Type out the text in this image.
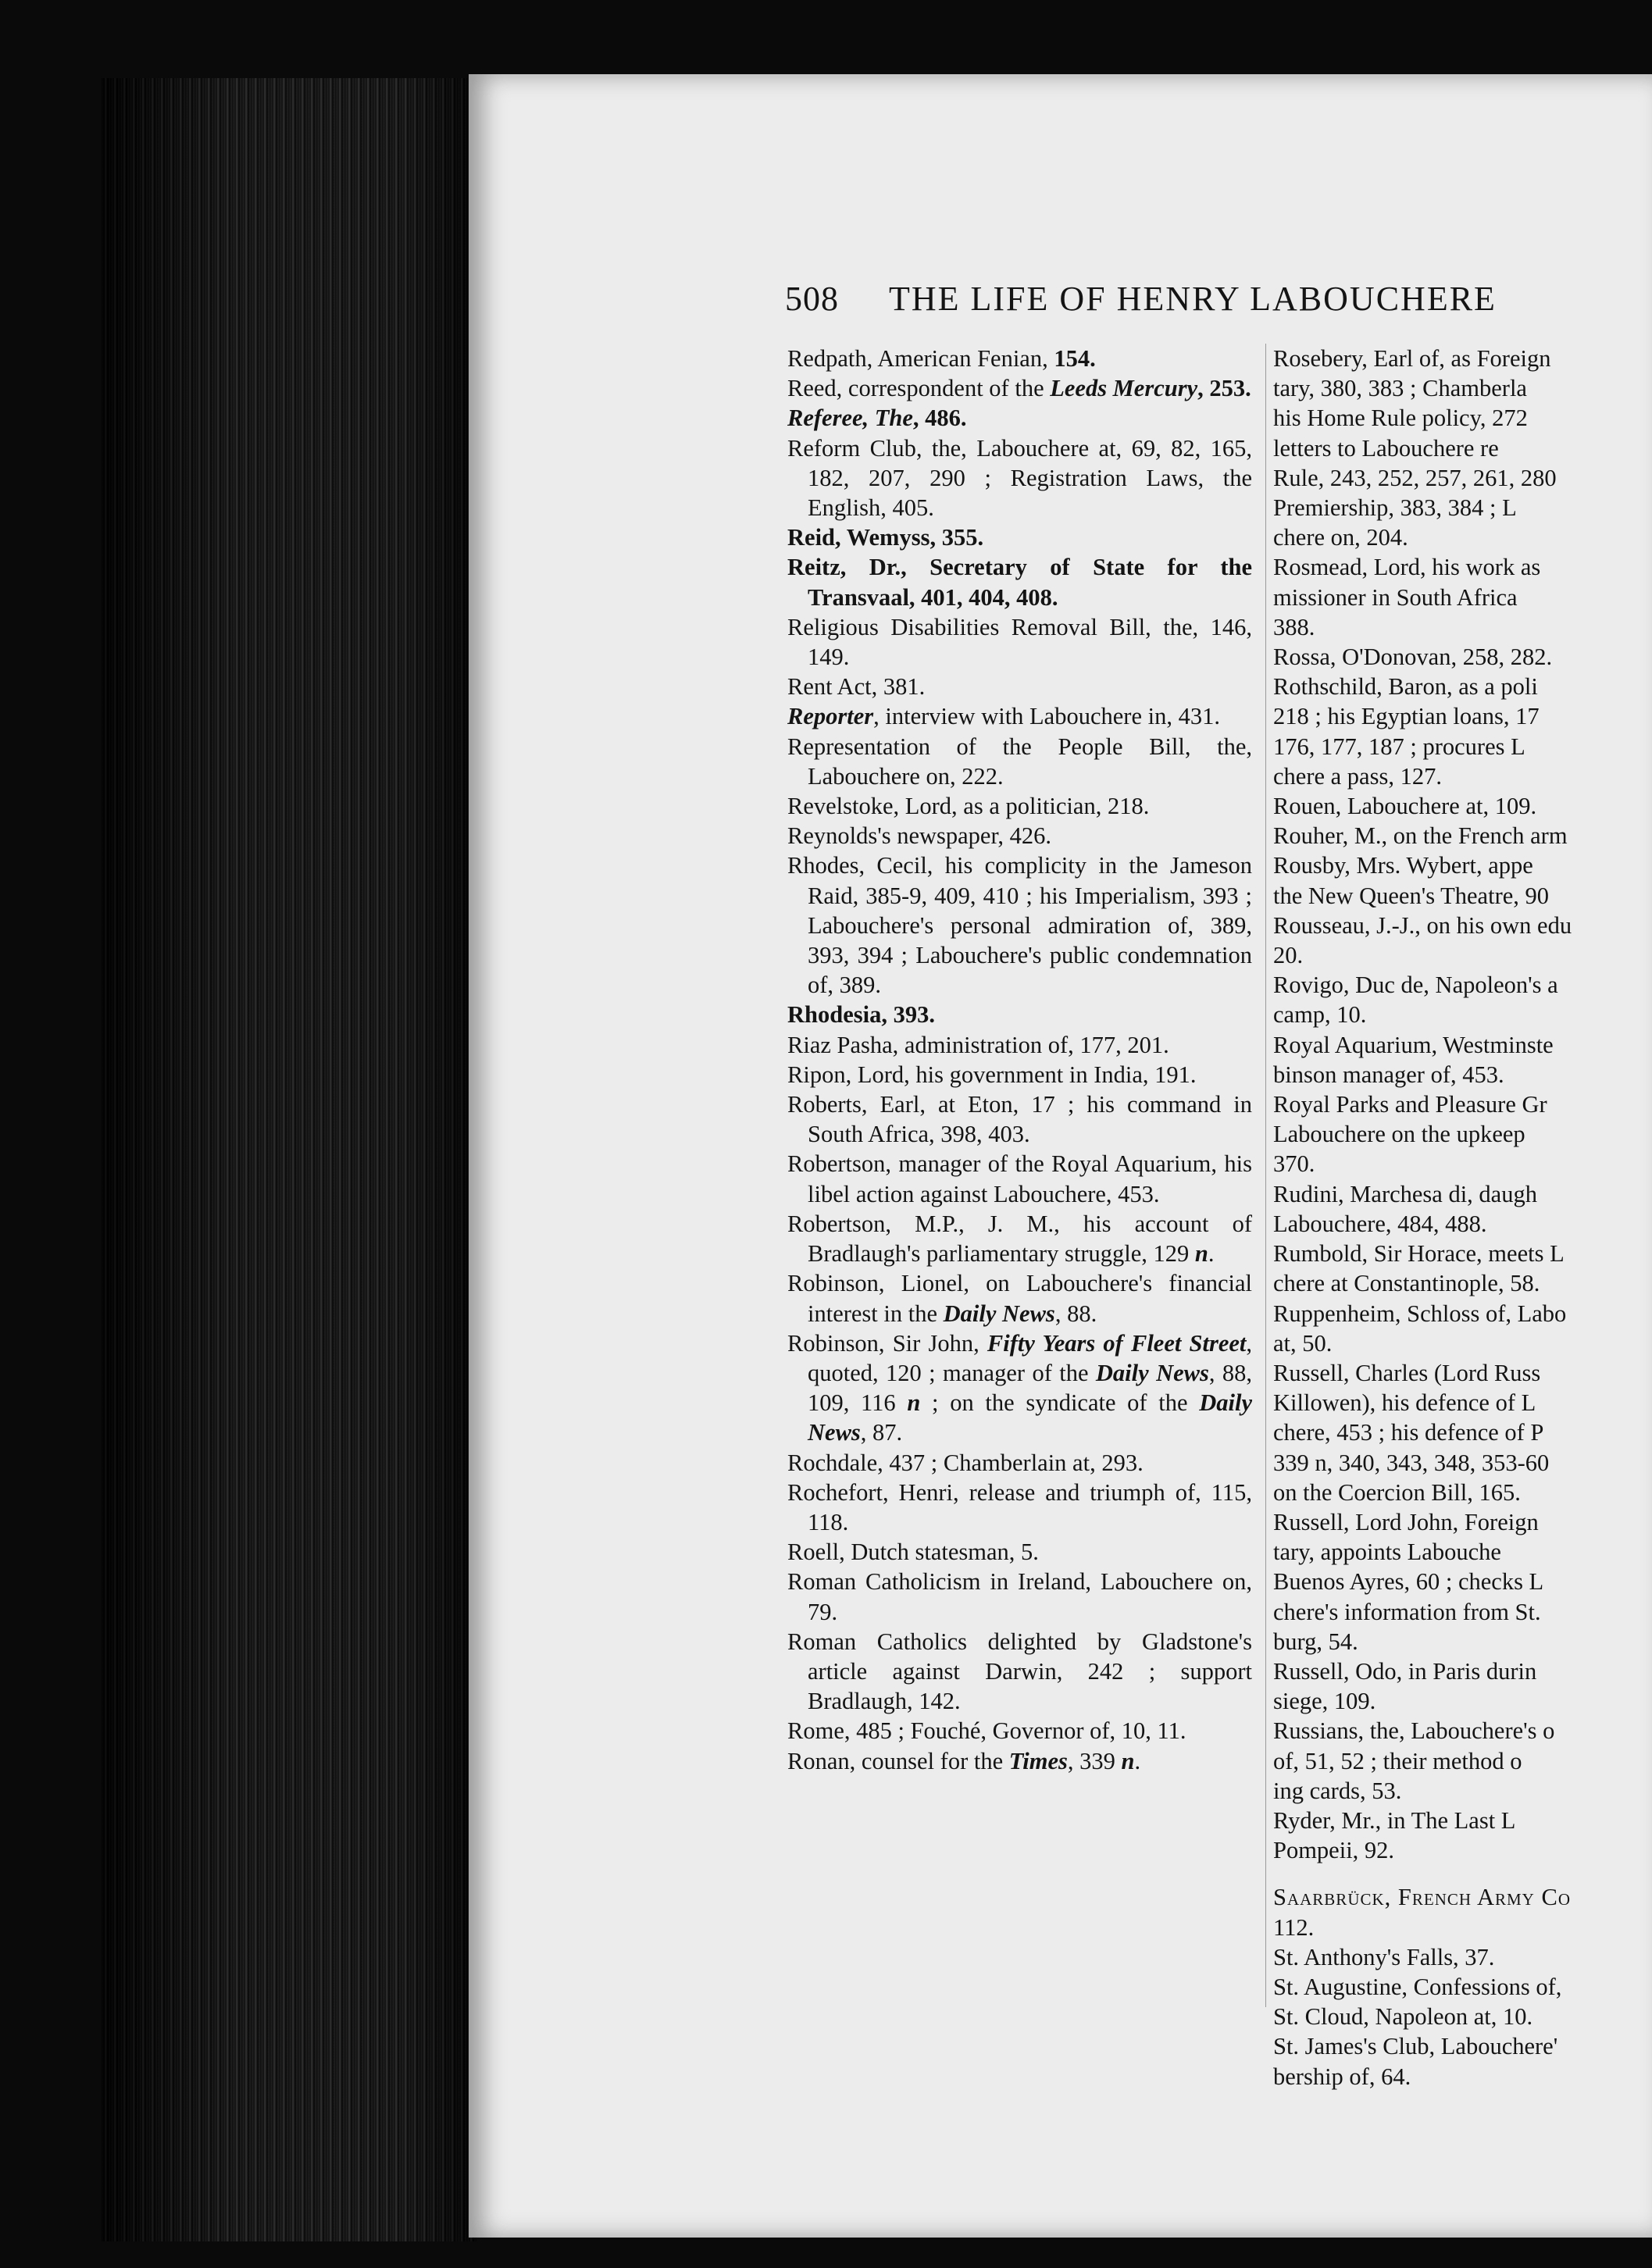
508 THE LIFE OF HENRY LABOUCHERE

Redpath, American Fenian, 154.

Reed, correspondent of the Leeds Mercury, 253.

Referee, The, 486.

Reform Club, the, Labouchere at, 69, 82, 165, 182, 207, 290 ; Registration Laws, the English, 405.

Reid, Wemyss, 355.

Reitz, Dr., Secretary of State for the Transvaal, 401, 404, 408.

Religious Disabilities Removal Bill, the, 146, 149.

Rent Act, 381.

Reporter, interview with Labouchere in, 431.

Representation of the People Bill, the, Labouchere on, 222.

Revelstoke, Lord, as a politician, 218.

Reynolds's newspaper, 426.

Rhodes, Cecil, his complicity in the Jameson Raid, 385-9, 409, 410 ; his Imperialism, 393 ; Labouchere's personal admiration of, 389, 393, 394 ; Labouchere's public condemnation of, 389.

Rhodesia, 393.

Riaz Pasha, administration of, 177, 201.

Ripon, Lord, his government in India, 191.

Roberts, Earl, at Eton, 17 ; his command in South Africa, 398, 403.

Robertson, manager of the Royal Aquarium, his libel action against Labouchere, 453.

Robertson, M.P., J. M., his account of Bradlaugh's parliamentary struggle, 129 n.

Robinson, Lionel, on Labouchere's financial interest in the Daily News, 88.

Robinson, Sir John, Fifty Years of Fleet Street, quoted, 120 ; manager of the Daily News, 88, 109, 116 n ; on the syndicate of the Daily News, 87.

Rochdale, 437 ; Chamberlain at, 293.

Rochefort, Henri, release and triumph of, 115, 118.

Roell, Dutch statesman, 5.

Roman Catholicism in Ireland, Labouchere on, 79.

Roman Catholics delighted by Gladstone's article against Darwin, 242 ; support Bradlaugh, 142.

Rome, 485 ; Fouché, Governor of, 10, 11.

Ronan, counsel for the Times, 339 n.

Rosebery, Earl of, as Foreign
tary, 380, 383 ; Chamberla
his Home Rule policy, 272
letters to Labouchere re
Rule, 243, 252, 257, 261, 280
Premiership, 383, 384 ; L
chere on, 204.
Rosmead, Lord, his work as
missioner in South Africa
388.
Rossa, O'Donovan, 258, 282.
Rothschild, Baron, as a poli
218 ; his Egyptian loans, 17
176, 177, 187 ; procures L
chere a pass, 127.
Rouen, Labouchere at, 109.
Rouher, M., on the French arm
Rousby, Mrs. Wybert, appe
the New Queen's Theatre, 90
Rousseau, J.-J., on his own edu
20.
Rovigo, Duc de, Napoleon's a
camp, 10.
Royal Aquarium, Westminste
binson manager of, 453.
Royal Parks and Pleasure Gr
Labouchere on the upkeep
370.
Rudini, Marchesa di, daugh
Labouchere, 484, 488.
Rumbold, Sir Horace, meets L
chere at Constantinople, 58.
Ruppenheim, Schloss of, Labo
at, 50.
Russell, Charles (Lord Russ
Killowen), his defence of L
chere, 453 ; his defence of P
339 n, 340, 343, 348, 353-60
on the Coercion Bill, 165.
Russell, Lord John, Foreign
tary, appoints Labouche
Buenos Ayres, 60 ; checks L
chere's information from St.
burg, 54.
Russell, Odo, in Paris durin
siege, 109.
Russians, the, Labouchere's o
of, 51, 52 ; their method o
ing cards, 53.
Ryder, Mr., in The Last L
Pompeii, 92.
Saarbrück, French Army Co
112.
St. Anthony's Falls, 37.
St. Augustine, Confessions of,
St. Cloud, Napoleon at, 10.
St. James's Club, Labouchere'
bership of, 64.
